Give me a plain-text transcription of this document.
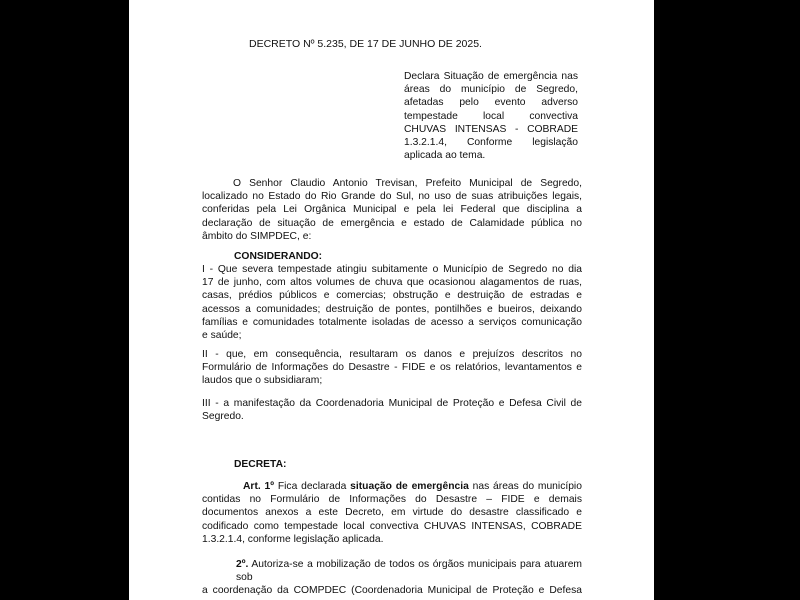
DECRETO Nº 5.235, DE 17 DE JUNHO DE 2025.
Declara Situação de emergência nas
áreas do município de Segredo,
afetadas pelo evento adverso
tempestade local convectiva
CHUVAS INTENSAS - COBRADE
1.3.2.1.4, Conforme legislação
aplicada ao tema.
O Senhor Claudio Antonio Trevisan, Prefeito Municipal de Segredo,
localizado no Estado do Rio Grande do Sul, no uso de suas atribuições legais,
conferidas pela Lei Orgânica Municipal e pela lei Federal que disciplina a
declaração de situação de emergência e estado de Calamidade pública no
âmbito do SIMPDEC, e:
CONSIDERANDO:
I - Que severa tempestade atingiu subitamente o Município de Segredo no dia
17 de junho, com altos volumes de chuva que ocasionou alagamentos de ruas,
casas, prédios públicos e comercias; obstrução e destruição de estradas e
acessos a comunidades; destruição de pontes, pontilhões e bueiros, deixando
famílias e comunidades totalmente isoladas de acesso a serviços comunicação
e saúde;
II - que, em consequência, resultaram os danos e prejuízos descritos no
Formulário de Informações do Desastre - FIDE e os relatórios, levantamentos e
laudos que o subsidiaram;
III - a manifestação da Coordenadoria Municipal de Proteção e Defesa Civil de
Segredo.
DECRETA:
Art. 1º Fica declarada situação de emergência nas áreas do município
contidas no Formulário de Informações do Desastre – FIDE e demais
documentos anexos a este Decreto, em virtude do desastre classificado e
codificado como tempestade local convectiva CHUVAS INTENSAS, COBRADE
1.3.2.1.4, conforme legislação aplicada.
2º. Autoriza-se a mobilização de todos os órgãos municipais para atuarem sob
a coordenação da COMPDEC (Coordenadoria Municipal de Proteção e Defesa
